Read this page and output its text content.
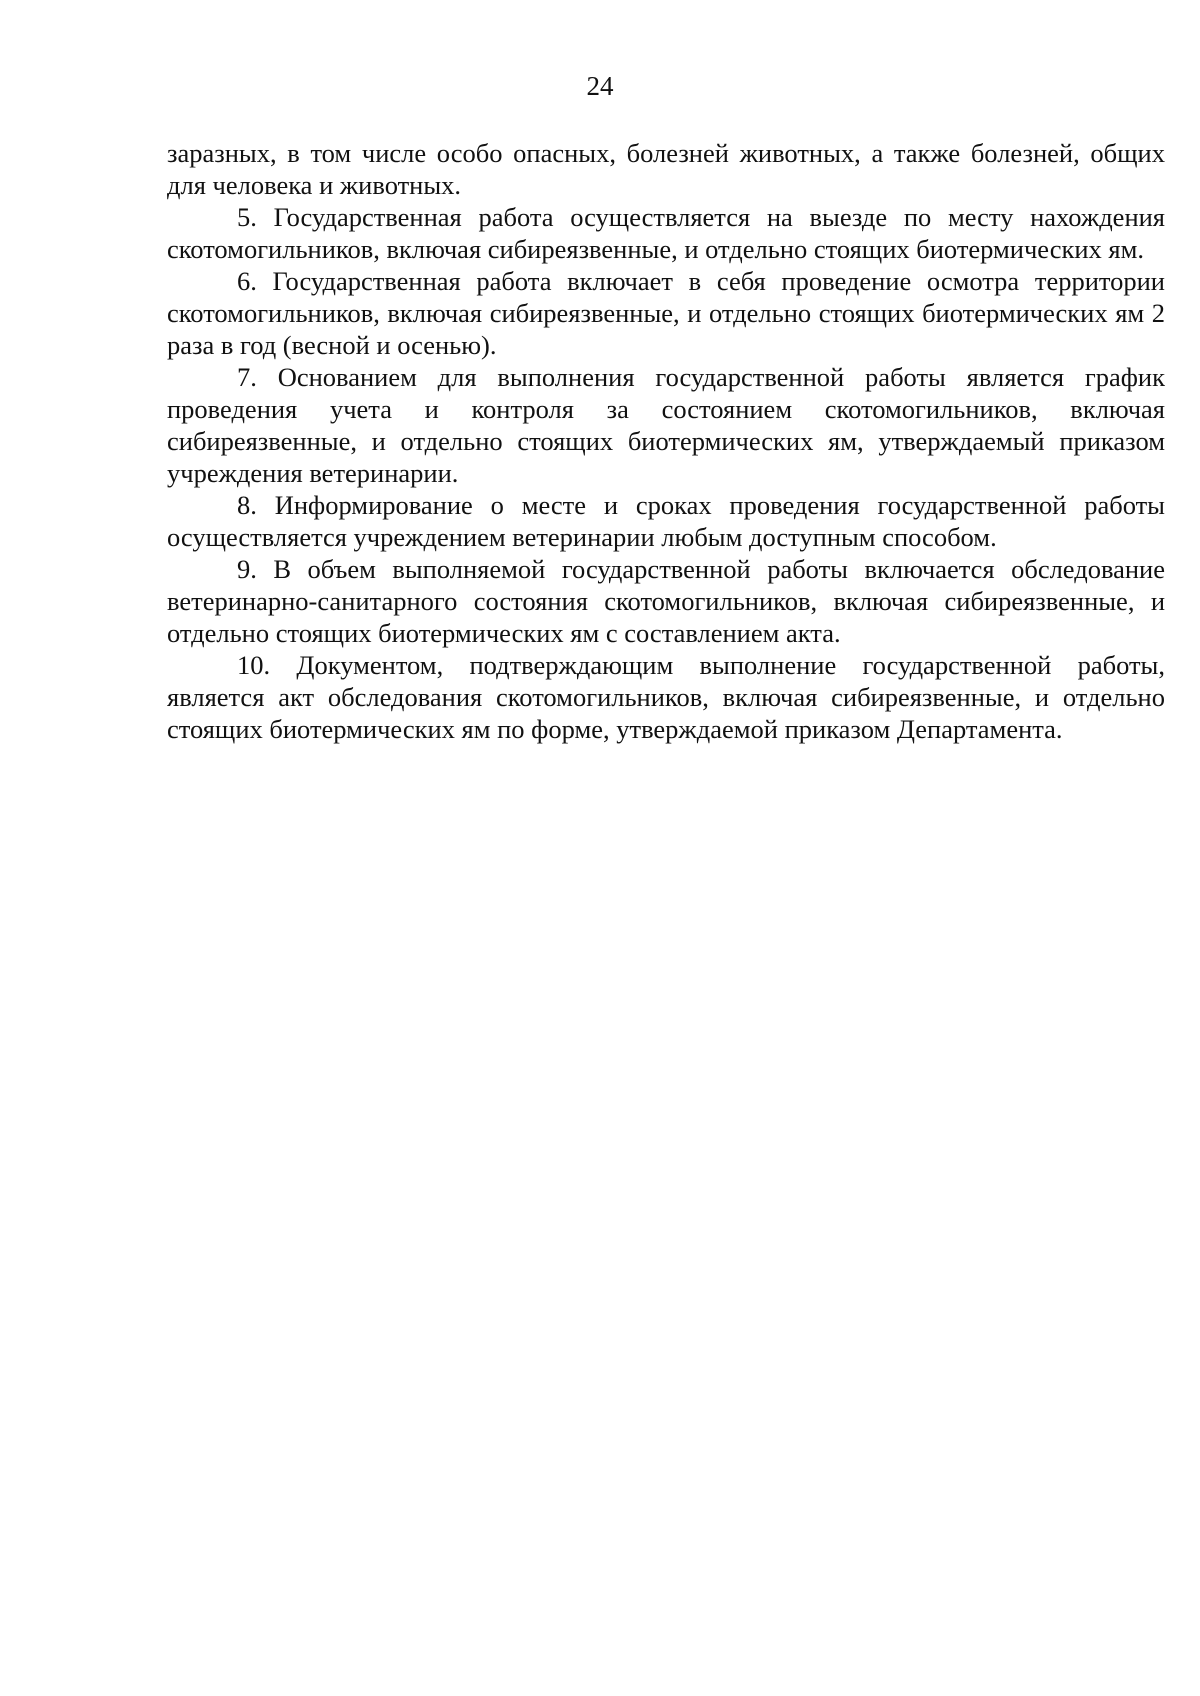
24

заразных, в том числе особо опасных, болезней животных, а также болезней, общих для человека и животных.

5. Государственная работа осуществляется на выезде по месту нахождения скотомогильников, включая сибиреязвенные, и отдельно стоящих биотермических ям.

6. Государственная работа включает в себя проведение осмотра территории скотомогильников, включая сибиреязвенные, и отдельно стоящих биотермических ям 2 раза в год (весной и осенью).

7. Основанием для выполнения государственной работы является график проведения учета и контроля за состоянием скотомогильников, включая сибиреязвенные, и отдельно стоящих биотермических ям, утверждаемый приказом учреждения ветеринарии.

8. Информирование о месте и сроках проведения государственной работы осуществляется учреждением ветеринарии любым доступным способом.

9. В объем выполняемой государственной работы включается обследование ветеринарно-санитарного состояния скотомогильников, включая сибиреязвенные, и отдельно стоящих биотермических ям с составлением акта.

10. Документом, подтверждающим выполнение государственной работы, является акт обследования скотомогильников, включая сибиреязвенные, и отдельно стоящих биотермических ям по форме, утверждаемой приказом Департамента.
